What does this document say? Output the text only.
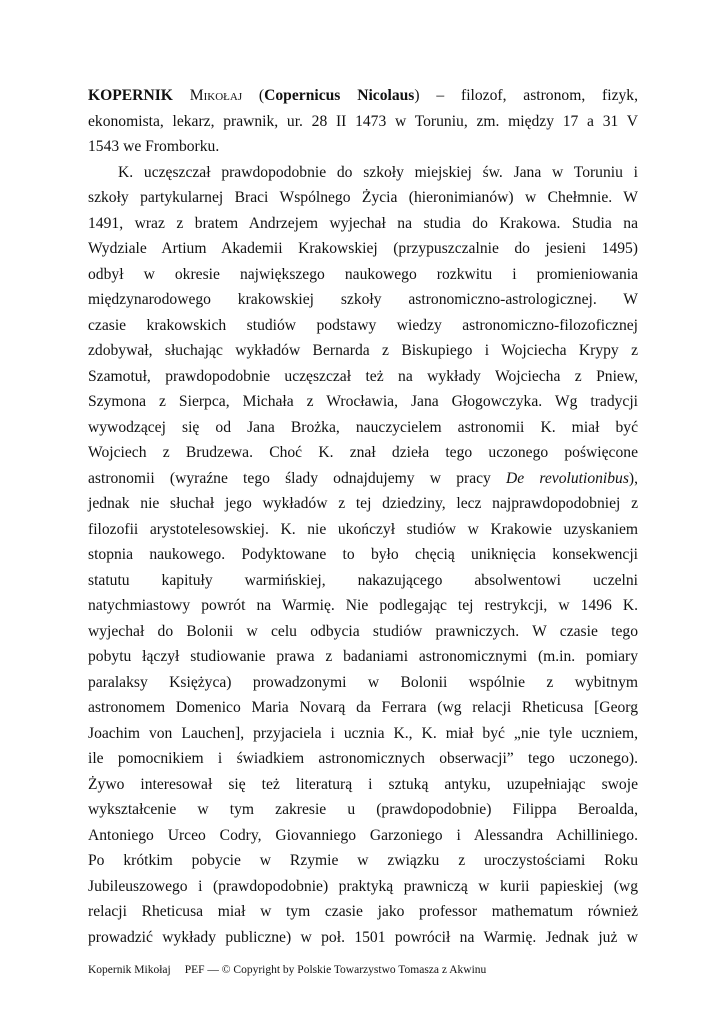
KOPERNIK Mikołaj (Copernicus Nicolaus) – filozof, astronom, fizyk,
ekonomista, lekarz, prawnik, ur. 28 II 1473 w Toruniu, zm. między 17 a 31 V
1543 we Fromborku.
K. uczęszczał prawdopodobnie do szkoły miejskiej św. Jana w Toruniu i
szkoły partykularnej Braci Wspólnego Życia (hieronimianów) w Chełmnie. W
1491, wraz z bratem Andrzejem wyjechał na studia do Krakowa. Studia na
Wydziale Artium Akademii Krakowskiej (przypuszczalnie do jesieni 1495)
odbył w okresie największego naukowego rozkwitu i promieniowania
międzynarodowego krakowskiej szkoły astronomiczno-astrologicznej. W
czasie krakowskich studiów podstawy wiedzy astronomiczno-filozoficznej
zdobywał, słuchając wykładów Bernarda z Biskupiego i Wojciecha Krypy z
Szamotuł, prawdopodobnie uczęszczał też na wykłady Wojciecha z Pniew,
Szymona z Sierpca, Michała z Wrocławia, Jana Głogowczyka. Wg tradycji
wywodzącej się od Jana Brożka, nauczycielem astronomii K. miał być
Wojciech z Brudzewa. Choć K. znał dzieła tego uczonego poświęcone
astronomii (wyraźne tego ślady odnajdujemy w pracy De revolutionibus),
jednak nie słuchał jego wykładów z tej dziedziny, lecz najprawdopodobniej z
filozofii arystotelesowskiej. K. nie ukończył studiów w Krakowie uzyskaniem
stopnia naukowego. Podyktowane to było chęcią uniknięcia konsekwencji
statutu kapituły warmińskiej, nakazującego absolwentowi uczelni
natychmiastowy powrót na Warmię. Nie podlegając tej restrykcji, w 1496 K.
wyjechał do Bolonii w celu odbycia studiów prawniczych. W czasie tego
pobytu łączył studiowanie prawa z badaniami astronomicznymi (m.in. pomiary
paralaksy Księżyca) prowadzonymi w Bolonii wspólnie z wybitnym
astronomem Domenico Maria Novarą da Ferrara (wg relacji Rheticusa [Georg
Joachim von Lauchen], przyjaciela i ucznia K., K. miał być „nie tyle uczniem,
ile pomocnikiem i świadkiem astronomicznych obserwacji” tego uczonego).
Żywo interesował się też literaturą i sztuką antyku, uzupełniając swoje
wykształcenie w tym zakresie u (prawdopodobnie) Filippa Beroalda,
Antoniego Urceo Codry, Giovanniego Garzoniego i Alessandra Achilliniego.
Po krótkim pobycie w Rzymie w związku z uroczystościami Roku
Jubileuszowego i (prawdopodobnie) praktyką prawniczą w kurii papieskiej (wg
relacji Rheticusa miał w tym czasie jako professor mathematum również
prowadzić wykłady publiczne) w poł. 1501 powrócił na Warmię. Jednak już w
Kopernik Mikołaj PEF — © Copyright by Polskie Towarzystwo Tomasza z Akwinu
